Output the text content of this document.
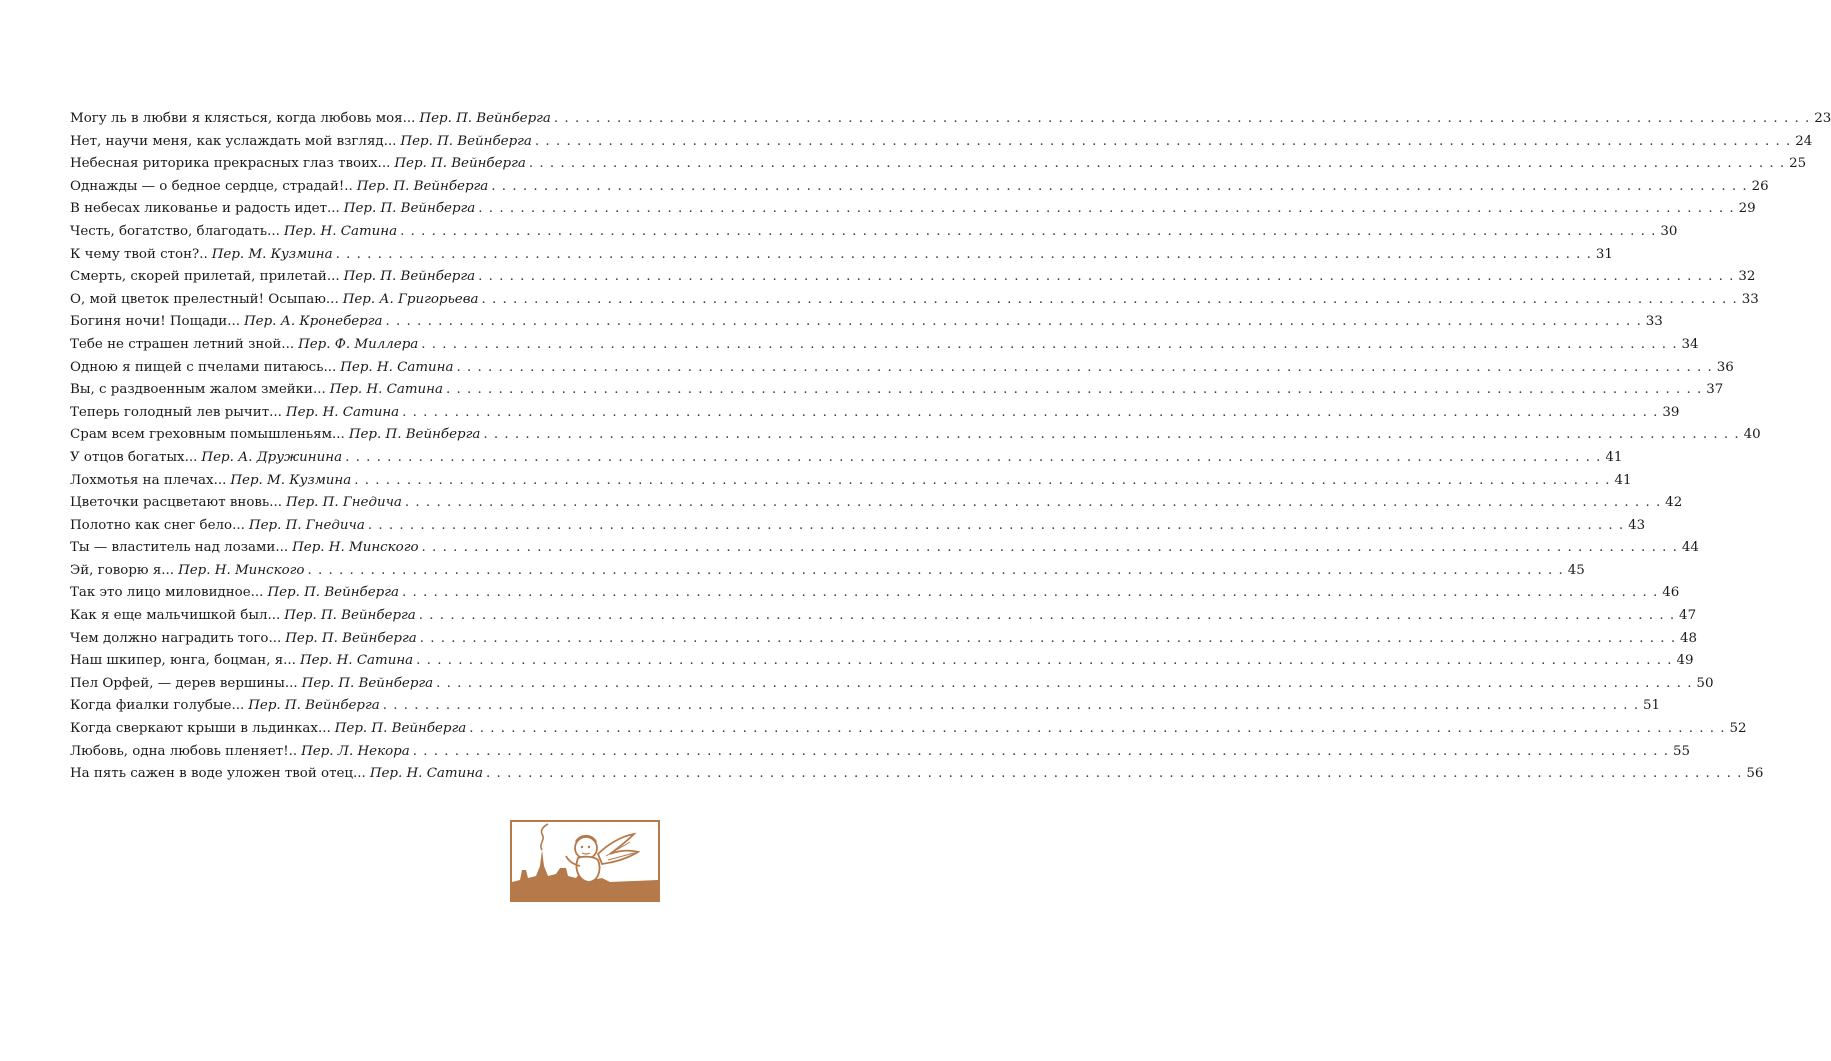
Могу ль в любви я клясться, когда любовь моя... Пер. П. Вейнберга . . . . . . . . . . . . . . . . . . . . . . . . . . . . . . . . . . . . . . . . . . . . . . . . . . . . . . . . . . . . . . . . . . . . . . . . . . . . . . . . . . . . . . . . . . . . . . . . . . . . . . . . . . . . . . . . . . . . . . . . 23
Нет, научи меня, как услаждать мой взгляд... Пер. П. Вейнберга . . . . . . . . . . . . . . . . . . . . . . . . . . . . . . . . . . . . . . . . . . . . . . . . . . . . . . . . . . . . . . . . . . . . . . . . . . . . . . . . . . . . . . . . . . . . . . . . . . . . . . . . . . . . . . . . . . . . . . . . 24
Небесная риторика прекрасных глаз твоих... Пер. П. Вейнберга . . . . . . . . . . . . . . . . . . . . . . . . . . . . . . . . . . . . . . . . . . . . . . . . . . . . . . . . . . . . . . . . . . . . . . . . . . . . . . . . . . . . . . . . . . . . . . . . . . . . . . . . . . . . . . . . . . . . . . . . 25
Однажды — о бедное сердце, страдай!.. Пер. П. Вейнберга . . . . . . . . . . . . . . . . . . . . . . . . . . . . . . . . . . . . . . . . . . . . . . . . . . . . . . . . . . . . . . . . . . . . . . . . . . . . . . . . . . . . . . . . . . . . . . . . . . . . . . . . . . . . . . . . . . . . . . . . 26
В небесах ликованье и радость идет... Пер. П. Вейнберга . . . . . . . . . . . . . . . . . . . . . . . . . . . . . . . . . . . . . . . . . . . . . . . . . . . . . . . . . . . . . . . . . . . . . . . . . . . . . . . . . . . . . . . . . . . . . . . . . . . . . . . . . . . . . . . . . . . . . . . . 29
Честь, богатство, благодать... Пер. Н. Сатина . . . . . . . . . . . . . . . . . . . . . . . . . . . . . . . . . . . . . . . . . . . . . . . . . . . . . . . . . . . . . . . . . . . . . . . . . . . . . . . . . . . . . . . . . . . . . . . . . . . . . . . . . . . . . . . . . . . . . . . . 30
К чему твой стон?.. Пер. М. Кузмина . . . . . . . . . . . . . . . . . . . . . . . . . . . . . . . . . . . . . . . . . . . . . . . . . . . . . . . . . . . . . . . . . . . . . . . . . . . . . . . . . . . . . . . . . . . . . . . . . . . . . . . . . . . . . . . . . . . . . . . . 31
Смерть, скорей прилетай, прилетай... Пер. П. Вейнберга . . . . . . . . . . . . . . . . . . . . . . . . . . . . . . . . . . . . . . . . . . . . . . . . . . . . . . . . . . . . . . . . . . . . . . . . . . . . . . . . . . . . . . . . . . . . . . . . . . . . . . . . . . . . . . . . . . . . . . . . 32
О, мой цветок прелестный! Осыпаю... Пер. А. Григорьева . . . . . . . . . . . . . . . . . . . . . . . . . . . . . . . . . . . . . . . . . . . . . . . . . . . . . . . . . . . . . . . . . . . . . . . . . . . . . . . . . . . . . . . . . . . . . . . . . . . . . . . . . . . . . . . . . . . . . . . . 33
Богиня ночи! Пощади... Пер. А. Кронеберга . . . . . . . . . . . . . . . . . . . . . . . . . . . . . . . . . . . . . . . . . . . . . . . . . . . . . . . . . . . . . . . . . . . . . . . . . . . . . . . . . . . . . . . . . . . . . . . . . . . . . . . . . . . . . . . . . . . . . . . . 33
Тебе не страшен летний зной... Пер. Ф. Миллера . . . . . . . . . . . . . . . . . . . . . . . . . . . . . . . . . . . . . . . . . . . . . . . . . . . . . . . . . . . . . . . . . . . . . . . . . . . . . . . . . . . . . . . . . . . . . . . . . . . . . . . . . . . . . . . . . . . . . . . . 34
Одною я пищей с пчелами питаюсь... Пер. Н. Сатина . . . . . . . . . . . . . . . . . . . . . . . . . . . . . . . . . . . . . . . . . . . . . . . . . . . . . . . . . . . . . . . . . . . . . . . . . . . . . . . . . . . . . . . . . . . . . . . . . . . . . . . . . . . . . . . . . . . . . . . . 36
Вы, с раздвоенным жалом змейки... Пер. Н. Сатина . . . . . . . . . . . . . . . . . . . . . . . . . . . . . . . . . . . . . . . . . . . . . . . . . . . . . . . . . . . . . . . . . . . . . . . . . . . . . . . . . . . . . . . . . . . . . . . . . . . . . . . . . . . . . . . . . . . . . . . . 37
Теперь голодный лев рычит... Пер. Н. Сатина . . . . . . . . . . . . . . . . . . . . . . . . . . . . . . . . . . . . . . . . . . . . . . . . . . . . . . . . . . . . . . . . . . . . . . . . . . . . . . . . . . . . . . . . . . . . . . . . . . . . . . . . . . . . . . . . . . . . . . . . 39
Срам всем греховным помышленьям... Пер. П. Вейнберга . . . . . . . . . . . . . . . . . . . . . . . . . . . . . . . . . . . . . . . . . . . . . . . . . . . . . . . . . . . . . . . . . . . . . . . . . . . . . . . . . . . . . . . . . . . . . . . . . . . . . . . . . . . . . . . . . . . . . . . . 40
У отцов богатых... Пер. А. Дружинина . . . . . . . . . . . . . . . . . . . . . . . . . . . . . . . . . . . . . . . . . . . . . . . . . . . . . . . . . . . . . . . . . . . . . . . . . . . . . . . . . . . . . . . . . . . . . . . . . . . . . . . . . . . . . . . . . . . . . . . . 41
Лохмотья на плечах... Пер. М. Кузмина . . . . . . . . . . . . . . . . . . . . . . . . . . . . . . . . . . . . . . . . . . . . . . . . . . . . . . . . . . . . . . . . . . . . . . . . . . . . . . . . . . . . . . . . . . . . . . . . . . . . . . . . . . . . . . . . . . . . . . . . 41
Цветочки расцветают вновь... Пер. П. Гнедича . . . . . . . . . . . . . . . . . . . . . . . . . . . . . . . . . . . . . . . . . . . . . . . . . . . . . . . . . . . . . . . . . . . . . . . . . . . . . . . . . . . . . . . . . . . . . . . . . . . . . . . . . . . . . . . . . . . . . . . . 42
Полотно как снег бело... Пер. П. Гнедича . . . . . . . . . . . . . . . . . . . . . . . . . . . . . . . . . . . . . . . . . . . . . . . . . . . . . . . . . . . . . . . . . . . . . . . . . . . . . . . . . . . . . . . . . . . . . . . . . . . . . . . . . . . . . . . . . . . . . . . . 43
Ты — властитель над лозами... Пер. Н. Минского . . . . . . . . . . . . . . . . . . . . . . . . . . . . . . . . . . . . . . . . . . . . . . . . . . . . . . . . . . . . . . . . . . . . . . . . . . . . . . . . . . . . . . . . . . . . . . . . . . . . . . . . . . . . . . . . . . . . . . . . 44
Эй, говорю я... Пер. Н. Минского . . . . . . . . . . . . . . . . . . . . . . . . . . . . . . . . . . . . . . . . . . . . . . . . . . . . . . . . . . . . . . . . . . . . . . . . . . . . . . . . . . . . . . . . . . . . . . . . . . . . . . . . . . . . . . . . . . . . . . . . 45
Так это лицо миловидное... Пер. П. Вейнберга . . . . . . . . . . . . . . . . . . . . . . . . . . . . . . . . . . . . . . . . . . . . . . . . . . . . . . . . . . . . . . . . . . . . . . . . . . . . . . . . . . . . . . . . . . . . . . . . . . . . . . . . . . . . . . . . . . . . . . . . 46
Как я еще мальчишкой был... Пер. П. Вейнберга . . . . . . . . . . . . . . . . . . . . . . . . . . . . . . . . . . . . . . . . . . . . . . . . . . . . . . . . . . . . . . . . . . . . . . . . . . . . . . . . . . . . . . . . . . . . . . . . . . . . . . . . . . . . . . . . . . . . . . . . 47
Чем должно наградить того... Пер. П. Вейнберга . . . . . . . . . . . . . . . . . . . . . . . . . . . . . . . . . . . . . . . . . . . . . . . . . . . . . . . . . . . . . . . . . . . . . . . . . . . . . . . . . . . . . . . . . . . . . . . . . . . . . . . . . . . . . . . . . . . . . . . . 48
Наш шкипер, юнга, боцман, я... Пер. Н. Сатина . . . . . . . . . . . . . . . . . . . . . . . . . . . . . . . . . . . . . . . . . . . . . . . . . . . . . . . . . . . . . . . . . . . . . . . . . . . . . . . . . . . . . . . . . . . . . . . . . . . . . . . . . . . . . . . . . . . . . . . . 49
Пел Орфей, — дерев вершины... Пер. П. Вейнберга . . . . . . . . . . . . . . . . . . . . . . . . . . . . . . . . . . . . . . . . . . . . . . . . . . . . . . . . . . . . . . . . . . . . . . . . . . . . . . . . . . . . . . . . . . . . . . . . . . . . . . . . . . . . . . . . . . . . . . . . 50
Когда фиалки голубые... Пер. П. Вейнберга . . . . . . . . . . . . . . . . . . . . . . . . . . . . . . . . . . . . . . . . . . . . . . . . . . . . . . . . . . . . . . . . . . . . . . . . . . . . . . . . . . . . . . . . . . . . . . . . . . . . . . . . . . . . . . . . . . . . . . . . 51
Когда сверкают крыши в льдинках... Пер. П. Вейнберга . . . . . . . . . . . . . . . . . . . . . . . . . . . . . . . . . . . . . . . . . . . . . . . . . . . . . . . . . . . . . . . . . . . . . . . . . . . . . . . . . . . . . . . . . . . . . . . . . . . . . . . . . . . . . . . . . . . . . . . . 52
Любовь, одна любовь пленяет!.. Пер. Л. Некора . . . . . . . . . . . . . . . . . . . . . . . . . . . . . . . . . . . . . . . . . . . . . . . . . . . . . . . . . . . . . . . . . . . . . . . . . . . . . . . . . . . . . . . . . . . . . . . . . . . . . . . . . . . . . . . . . . . . . . . . 55
На пять сажен в воде уложен твой отец... Пер. Н. Сатина . . . . . . . . . . . . . . . . . . . . . . . . . . . . . . . . . . . . . . . . . . . . . . . . . . . . . . . . . . . . . . . . . . . . . . . . . . . . . . . . . . . . . . . . . . . . . . . . . . . . . . . . . . . . . . . . . . . . . . . . 56
